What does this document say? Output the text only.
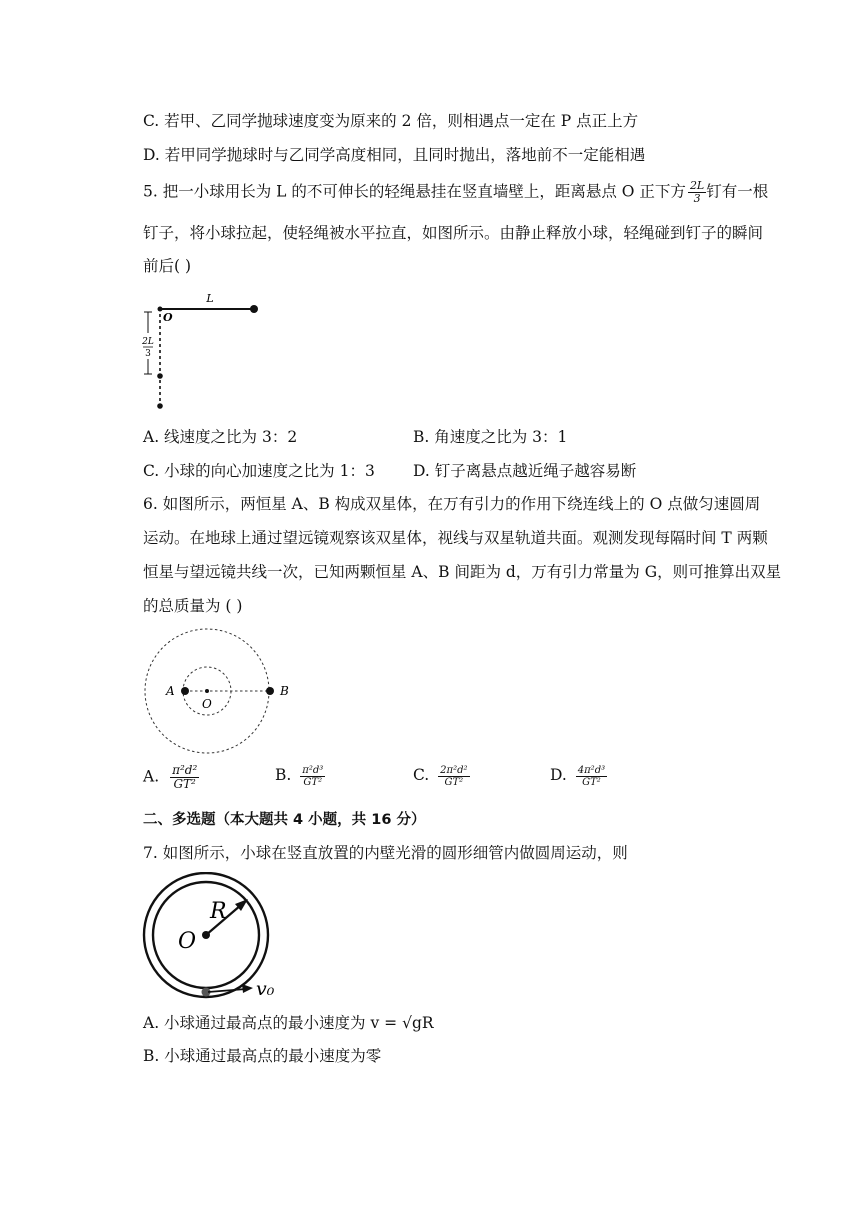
C. 若甲、乙同学抛球速度变为原来的 2 倍，则相遇点一定在 P 点正上方
D. 若甲同学抛球时与乙同学高度相同，且同时抛出，落地前不一定能相遇
5. 把一小球用长为 L 的不可伸长的轻绳悬挂在竖直墙壁上，距离悬点 O 正下方 $\frac{2L}{3}$ 钉有一根
钉子，将小球拉起，使轻绳被水平拉直，如图所示。由静止释放小球，轻绳碰到钉子的瞬间
前后( )
L
O
2L
3
A. 线速度之比为 3：2	B. 角速度之比为 3：1
C. 小球的向心加速度之比为 1：3 D. 钉子离悬点越近绳子越容易断
6. 如图所示，两恒星 A、B 构成双星体，在万有引力的作用下绕连线上的 O 点做匀速圆周
运动。在地球上通过望远镜观察该双星体，视线与双星轨道共面。观测发现每隔时间 T 两颗
恒星与望远镜共线一次，已知两颗恒星 A、B 间距为 d，万有引力常量为 G，则可推算出双星
的总质量为 ( )
A	B
O
A. $\frac{\text{π²d²}}{\text{GT²}}$	B. $\frac{\text{π²d³}}{\text{GT²}}$	C. $\frac{\text{2π²d²}}{\text{GT²}}$	D. $\frac{\text{4π²d³}}{\text{GT²}}$
二、多选题（本大题共 4 小题，共 16 分）
7. 如图所示，小球在竖直放置的内壁光滑的圆形细管内做圆周运动，则
R
O
v₀
A. 小球通过最高点的最小速度为 v = √gR
B. 小球通过最高点的最小速度为零
